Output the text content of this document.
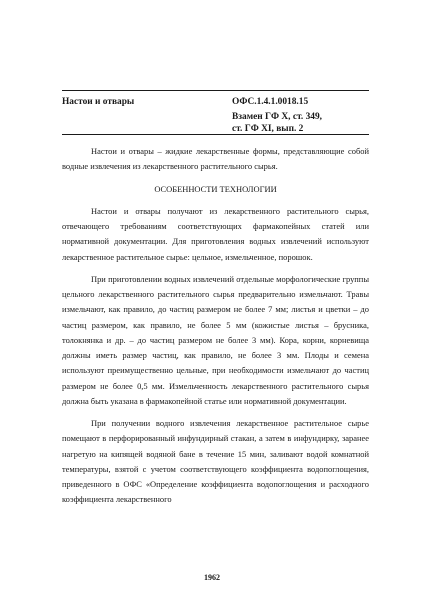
Настои и отвары	ОФС.1.4.1.0018.15
Взамен ГФ X, ст. 349,
ст. ГФ XI, вып. 2

Настои и отвары – жидкие лекарственные формы, представляющие собой водные извлечения из лекарственного растительного сырья.

ОСОБЕННОСТИ ТЕХНОЛОГИИ

Настои и отвары получают из лекарственного растительного сырья, отвечающего требованиям соответствующих фармакопейных статей или нормативной документации. Для приготовления водных извлечений используют лекарственное растительное сырье: цельное, измельченное, порошок.

При приготовлении водных извлечений отдельные морфологические группы цельного лекарственного растительного сырья предварительно измельчают. Травы измельчают, как правило, до частиц размером не более 7 мм; листья и цветки – до частиц размером, как правило, не более 5 мм (кожистые листья – брусника, толокнянка и др. – до частиц размером не более 3 мм). Кора, корни, корневища должны иметь размер частиц, как правило, не более 3 мм. Плоды и семена используют преимущественно цельные, при необходимости измельчают до частиц размером не более 0,5 мм. Измельченность лекарственного растительного сырья должна быть указана в фармакопейной статье или нормативной документации.

При получении водного извлечения лекарственное растительное сырье помещают в перфорированный инфундирный стакан, а затем в инфундирку, заранее нагретую на кипящей водяной бане в течение 15 мин, заливают водой комнатной температуры, взятой с учетом соответствующего коэффициента водопоглощения, приведенного в ОФС «Определение коэффициента водопоглощения и расходного коэффициента лекарственного

1962
